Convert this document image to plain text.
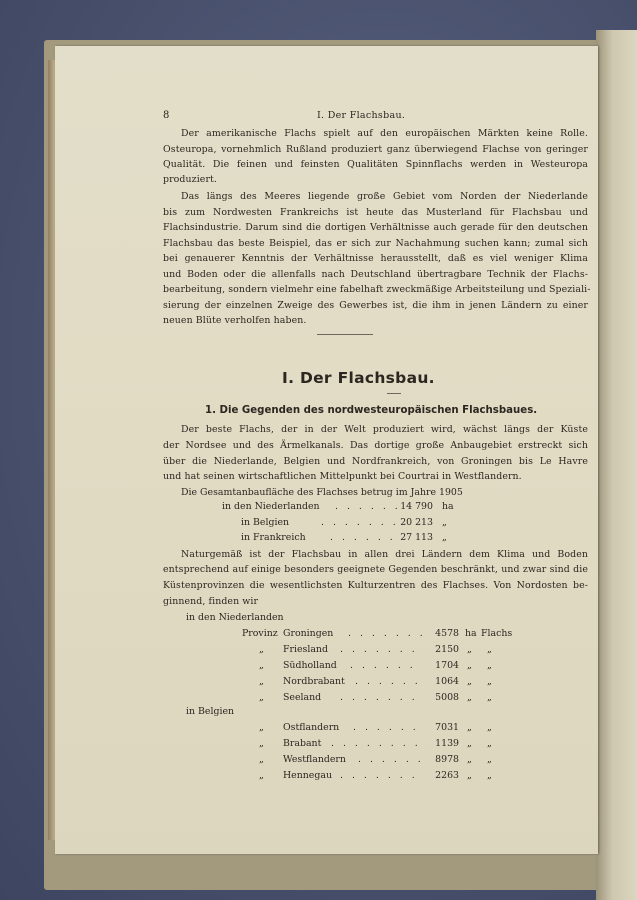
8	I. Der Flachsbau.
Der amerikanische Flachs spielt auf den europäischen Märkten keine Rolle.
Osteuropa, vornehmlich Rußland produziert ganz überwiegend Flachse von geringer
Qualität. Die feinen und feinsten Qualitäten Spinnflachs werden in Westeuropa
produziert.
Das längs des Meeres liegende große Gebiet vom Norden der Niederlande
bis zum Nordwesten Frankreichs ist heute das Musterland für Flachsbau und
Flachsindustrie. Darum sind die dortigen Verhältnisse auch gerade für den deutschen
Flachsbau das beste Beispiel, das er sich zur Nachahmung suchen kann; zumal sich
bei genauerer Kenntnis der Verhältnisse herausstellt, daß es viel weniger Klima
und Boden oder die allenfalls nach Deutschland übertragbare Technik der Flachs-
bearbeitung, sondern vielmehr eine fabelhaft zweckmäßige Arbeitsteilung und Speziali-
sierung der einzelnen Zweige des Gewerbes ist, die ihm in jenen Ländern zu einer
neuen Blüte verholfen haben.
I. Der Flachsbau.
1. Die Gegenden des nordwesteuropäischen Flachsbaues.
Der beste Flachs, der in der Welt produziert wird, wächst längs der Küste
der Nordsee und des Ärmelkanals. Das dortige große Anbaugebiet erstreckt sich
über die Niederlande, Belgien und Nordfrankreich, von Groningen bis Le Havre
und hat seinen wirtschaftlichen Mittelpunkt bei Courtrai in Westflandern.
Die Gesamtanbaufläche des Flachses betrug im Jahre 1905
in den Niederlanden . . . . . . 14 790 ha
in Belgien	. . . . . . . 20 213 „
in Frankreich	. . . . . . 27 113 „
Naturgemäß ist der Flachsbau in allen drei Ländern dem Klima und Boden
entsprechend auf einige besonders geeignete Gegenden beschränkt, und zwar sind die
Küstenprovinzen die wesentlichsten Kulturzentren des Flachses. Von Nordosten be-
ginnend, finden wir
in den Niederlanden
Provinz Groningen . . . . . . . 4578 ha Flachs
„ Friesland . . . . . . .	2150 „ „
„ Südholland . . . . . .	1704 „ „
„ Nordbrabant . . . . . .	1064 „ „
„ Seeland . . . . . . .	5008 „ „
in Belgien
„ Ostflandern . . . . . .	7031 „ „
„ Brabant . . . . . . . .	1139 „ „
„ Westflandern . . . . . .	8978 „ „
„ Hennegau . . . . . . .	2263 „ „
